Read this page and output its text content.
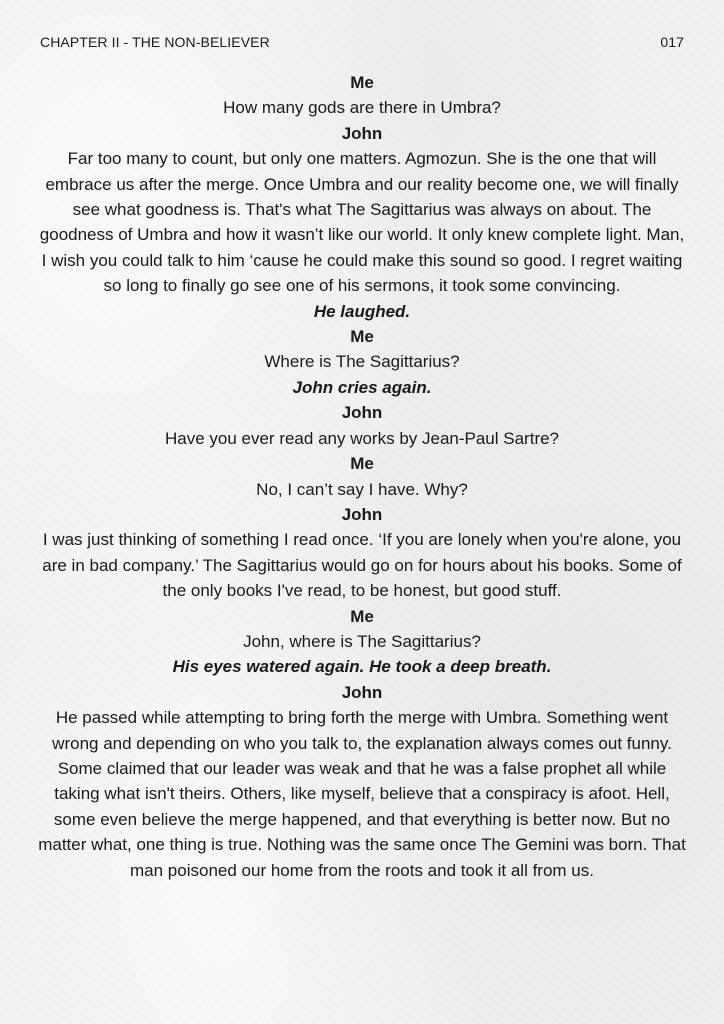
CHAPTER II - THE NON-BELIEVER	017

Me

How many gods are there in Umbra?

John

Far too many to count, but only one matters. Agmozun. She is the one that will embrace us after the merge. Once Umbra and our reality become one, we will finally see what goodness is. That's what The Sagittarius was always on about. The goodness of Umbra and how it wasn’t like our world. It only knew complete light. Man, I wish you could talk to him ‘cause he could make this sound so good. I regret waiting so long to finally go see one of his sermons, it took some convincing.

He laughed.

Me

Where is The Sagittarius?

John cries again.

John

Have you ever read any works by Jean-Paul Sartre?

Me

No, I can’t say I have. Why?

John

I was just thinking of something I read once. ‘If you are lonely when you're alone, you are in bad company.’ The Sagittarius would go on for hours about his books. Some of the only books I've read, to be honest, but good stuff.

Me

John, where is The Sagittarius?

His eyes watered again. He took a deep breath.

John

He passed while attempting to bring forth the merge with Umbra. Something went wrong and depending on who you talk to, the explanation always comes out funny. Some claimed that our leader was weak and that he was a false prophet all while taking what isn't theirs. Others, like myself, believe that a conspiracy is afoot. Hell, some even believe the merge happened, and that everything is better now. But no matter what, one thing is true. Nothing was the same once The Gemini was born. That man poisoned our home from the roots and took it all from us.
